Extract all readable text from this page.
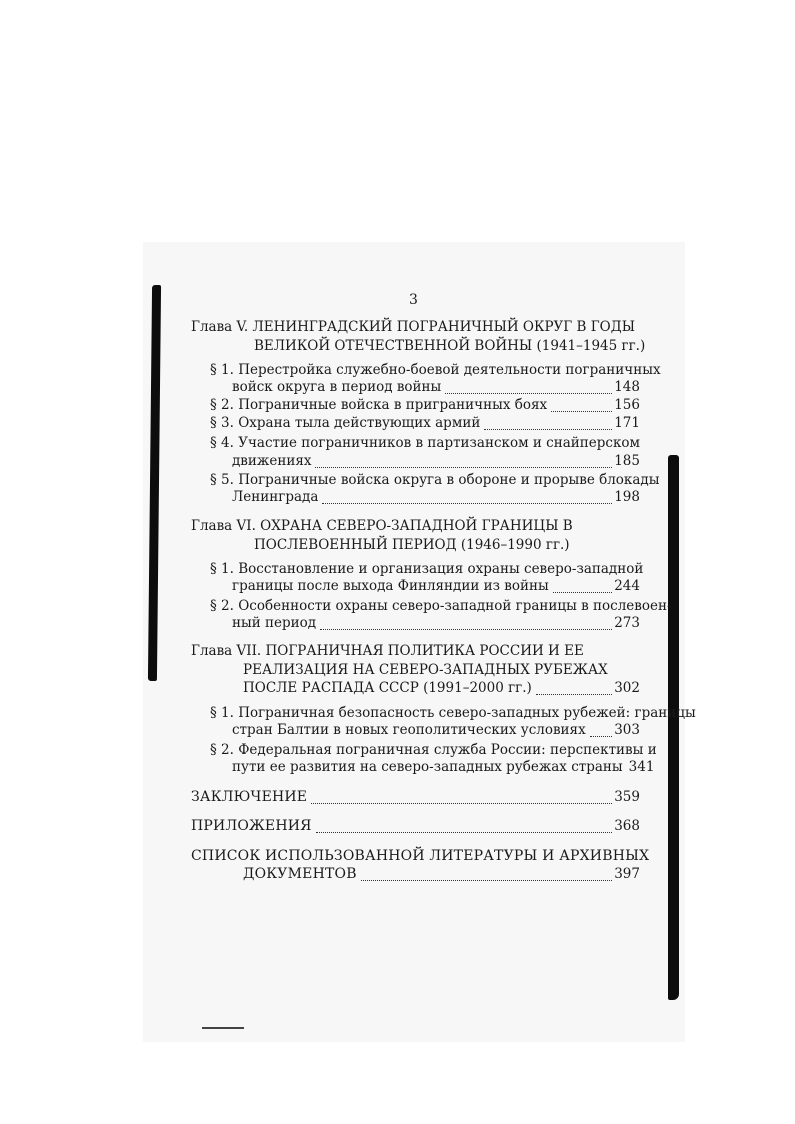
3
Глава V. ЛЕНИНГРАДСКИЙ ПОГРАНИЧНЫЙ ОКРУГ В ГОДЫ
ВЕЛИКОЙ ОТЕЧЕСТВЕННОЙ ВОЙНЫ (1941–1945 гг.)
§ 1. Перестройка служебно-боевой деятельности пограничных
войск округа в период войны	148
§ 2. Пограничные войска в приграничных боях	156
§ 3. Охрана тыла действующих армий	171
§ 4. Участие пограничников в партизанском и снайперском
движениях	185
§ 5. Пограничные войска округа в обороне и прорыве блокады
Ленинграда	198
Глава VI. ОХРАНА СЕВЕРО-ЗАПАДНОЙ ГРАНИЦЫ В
ПОСЛЕВОЕННЫЙ ПЕРИОД (1946–1990 гг.)
§ 1. Восстановление и организация охраны северо-западной
границы после выхода Финляндии из войны	244
§ 2. Особенности охраны северо-западной границы в послевоен-
ный период	273
Глава VII. ПОГРАНИЧНАЯ ПОЛИТИКА РОССИИ И ЕЕ
РЕАЛИЗАЦИЯ НА СЕВЕРО-ЗАПАДНЫХ РУБЕЖАХ
ПОСЛЕ РАСПАДА СССР (1991–2000 гг.)	302
§ 1. Пограничная безопасность северо-западных рубежей: границы
стран Балтии в новых геополитических условиях 303
§ 2. Федеральная пограничная служба России: перспективы и
пути ее развития на северо-западных рубежах страны 341
ЗАКЛЮЧЕНИЕ	359
ПРИЛОЖЕНИЯ	368
СПИСОК ИСПОЛЬЗОВАННОЙ ЛИТЕРАТУРЫ И АРХИВНЫХ
ДОКУМЕНТОВ	397
